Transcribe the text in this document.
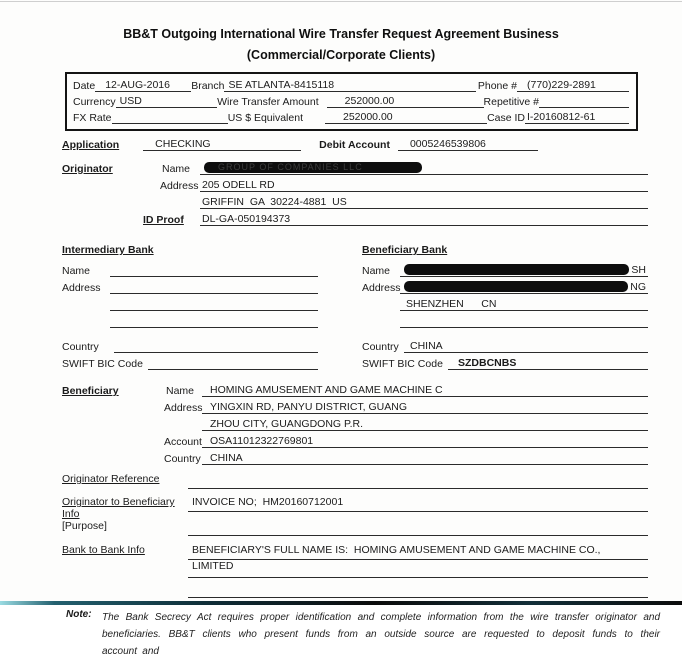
BB&T Outgoing International Wire Transfer Request Agreement Business
(Commercial/Corporate Clients)
Date 12-AUG-2016	Branch SE ATLANTA-8415118	Phone # (770)229-2891
Currency USD	Wire Transfer Amount	252000.00	Repetitive #
FX Rate	US $ Equivalent	252000.00	Case ID I-20160812-61
Application	CHECKING	Debit Account	0005246539806
Originator	Name	GROUP OF COMPANIES LLC
Address 205 ODELL RD
GRIFFIN  GA  30224-4881  US
ID Proof	DL-GA-050194373
Intermediary Bank
Name
Address
Country
SWIFT BIC Code
Beneficiary Bank
Name	SH
Address	NG
SHENZHEN      CN
Country	CHINA
SWIFT BIC Code	SZDBCNBS
Beneficiary	Name	HOMING AMUSEMENT AND GAME MACHINE C
Address YINGXIN RD, PANYU DISTRICT, GUANG
ZHOU CITY, GUANGDONG P.R.
Account OSA11012322769801
Country CHINA
Originator Reference
Originator to Beneficiary Info
[Purpose]
INVOICE NO;  HM20160712001
Bank to Bank Info	BENEFICIARY'S FULL NAME IS:  HOMING AMUSEMENT AND GAME MACHINE CO.,
LIMITED
Note:	The Bank Secrecy Act requires proper identification and complete information from the wire transfer originator and beneficiaries. BB&T clients who present funds from an outside source are requested to deposit funds to their account and
